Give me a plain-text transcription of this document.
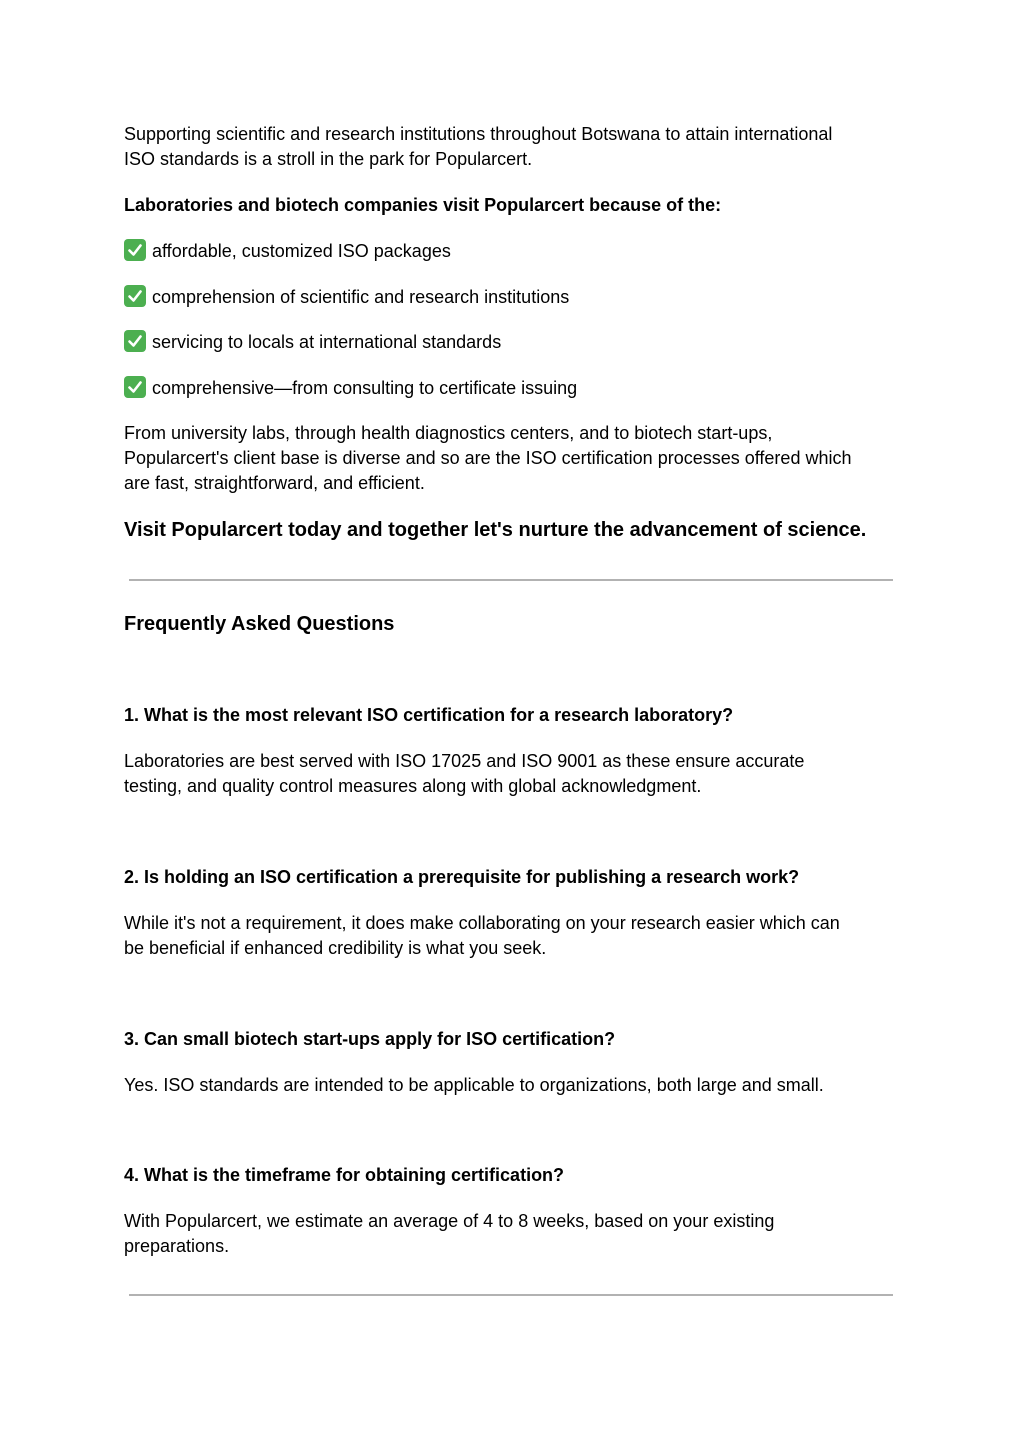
Supporting scientific and research institutions throughout Botswana to attain international

ISO standards is a stroll in the park for Popularcert.

Laboratories and biotech companies visit Popularcert because of the:

affordable, customized ISO packages

comprehension of scientific and research institutions

servicing to locals at international standards

comprehensive—from consulting to certificate issuing

From university labs, through health diagnostics centers, and to biotech start-ups,

Popularcert's client base is diverse and so are the ISO certification processes offered which

are fast, straightforward, and efficient.

Visit Popularcert today and together let's nurture the advancement of science.

Frequently Asked Questions

1. What is the most relevant ISO certification for a research laboratory?

Laboratories are best served with ISO 17025 and ISO 9001 as these ensure accurate

testing, and quality control measures along with global acknowledgment.

2. Is holding an ISO certification a prerequisite for publishing a research work?

While it's not a requirement, it does make collaborating on your research easier which can

be beneficial if enhanced credibility is what you seek.

3. Can small biotech start-ups apply for ISO certification?

Yes. ISO standards are intended to be applicable to organizations, both large and small.

4. What is the timeframe for obtaining certification?

With Popularcert, we estimate an average of 4 to 8 weeks, based on your existing

preparations.
